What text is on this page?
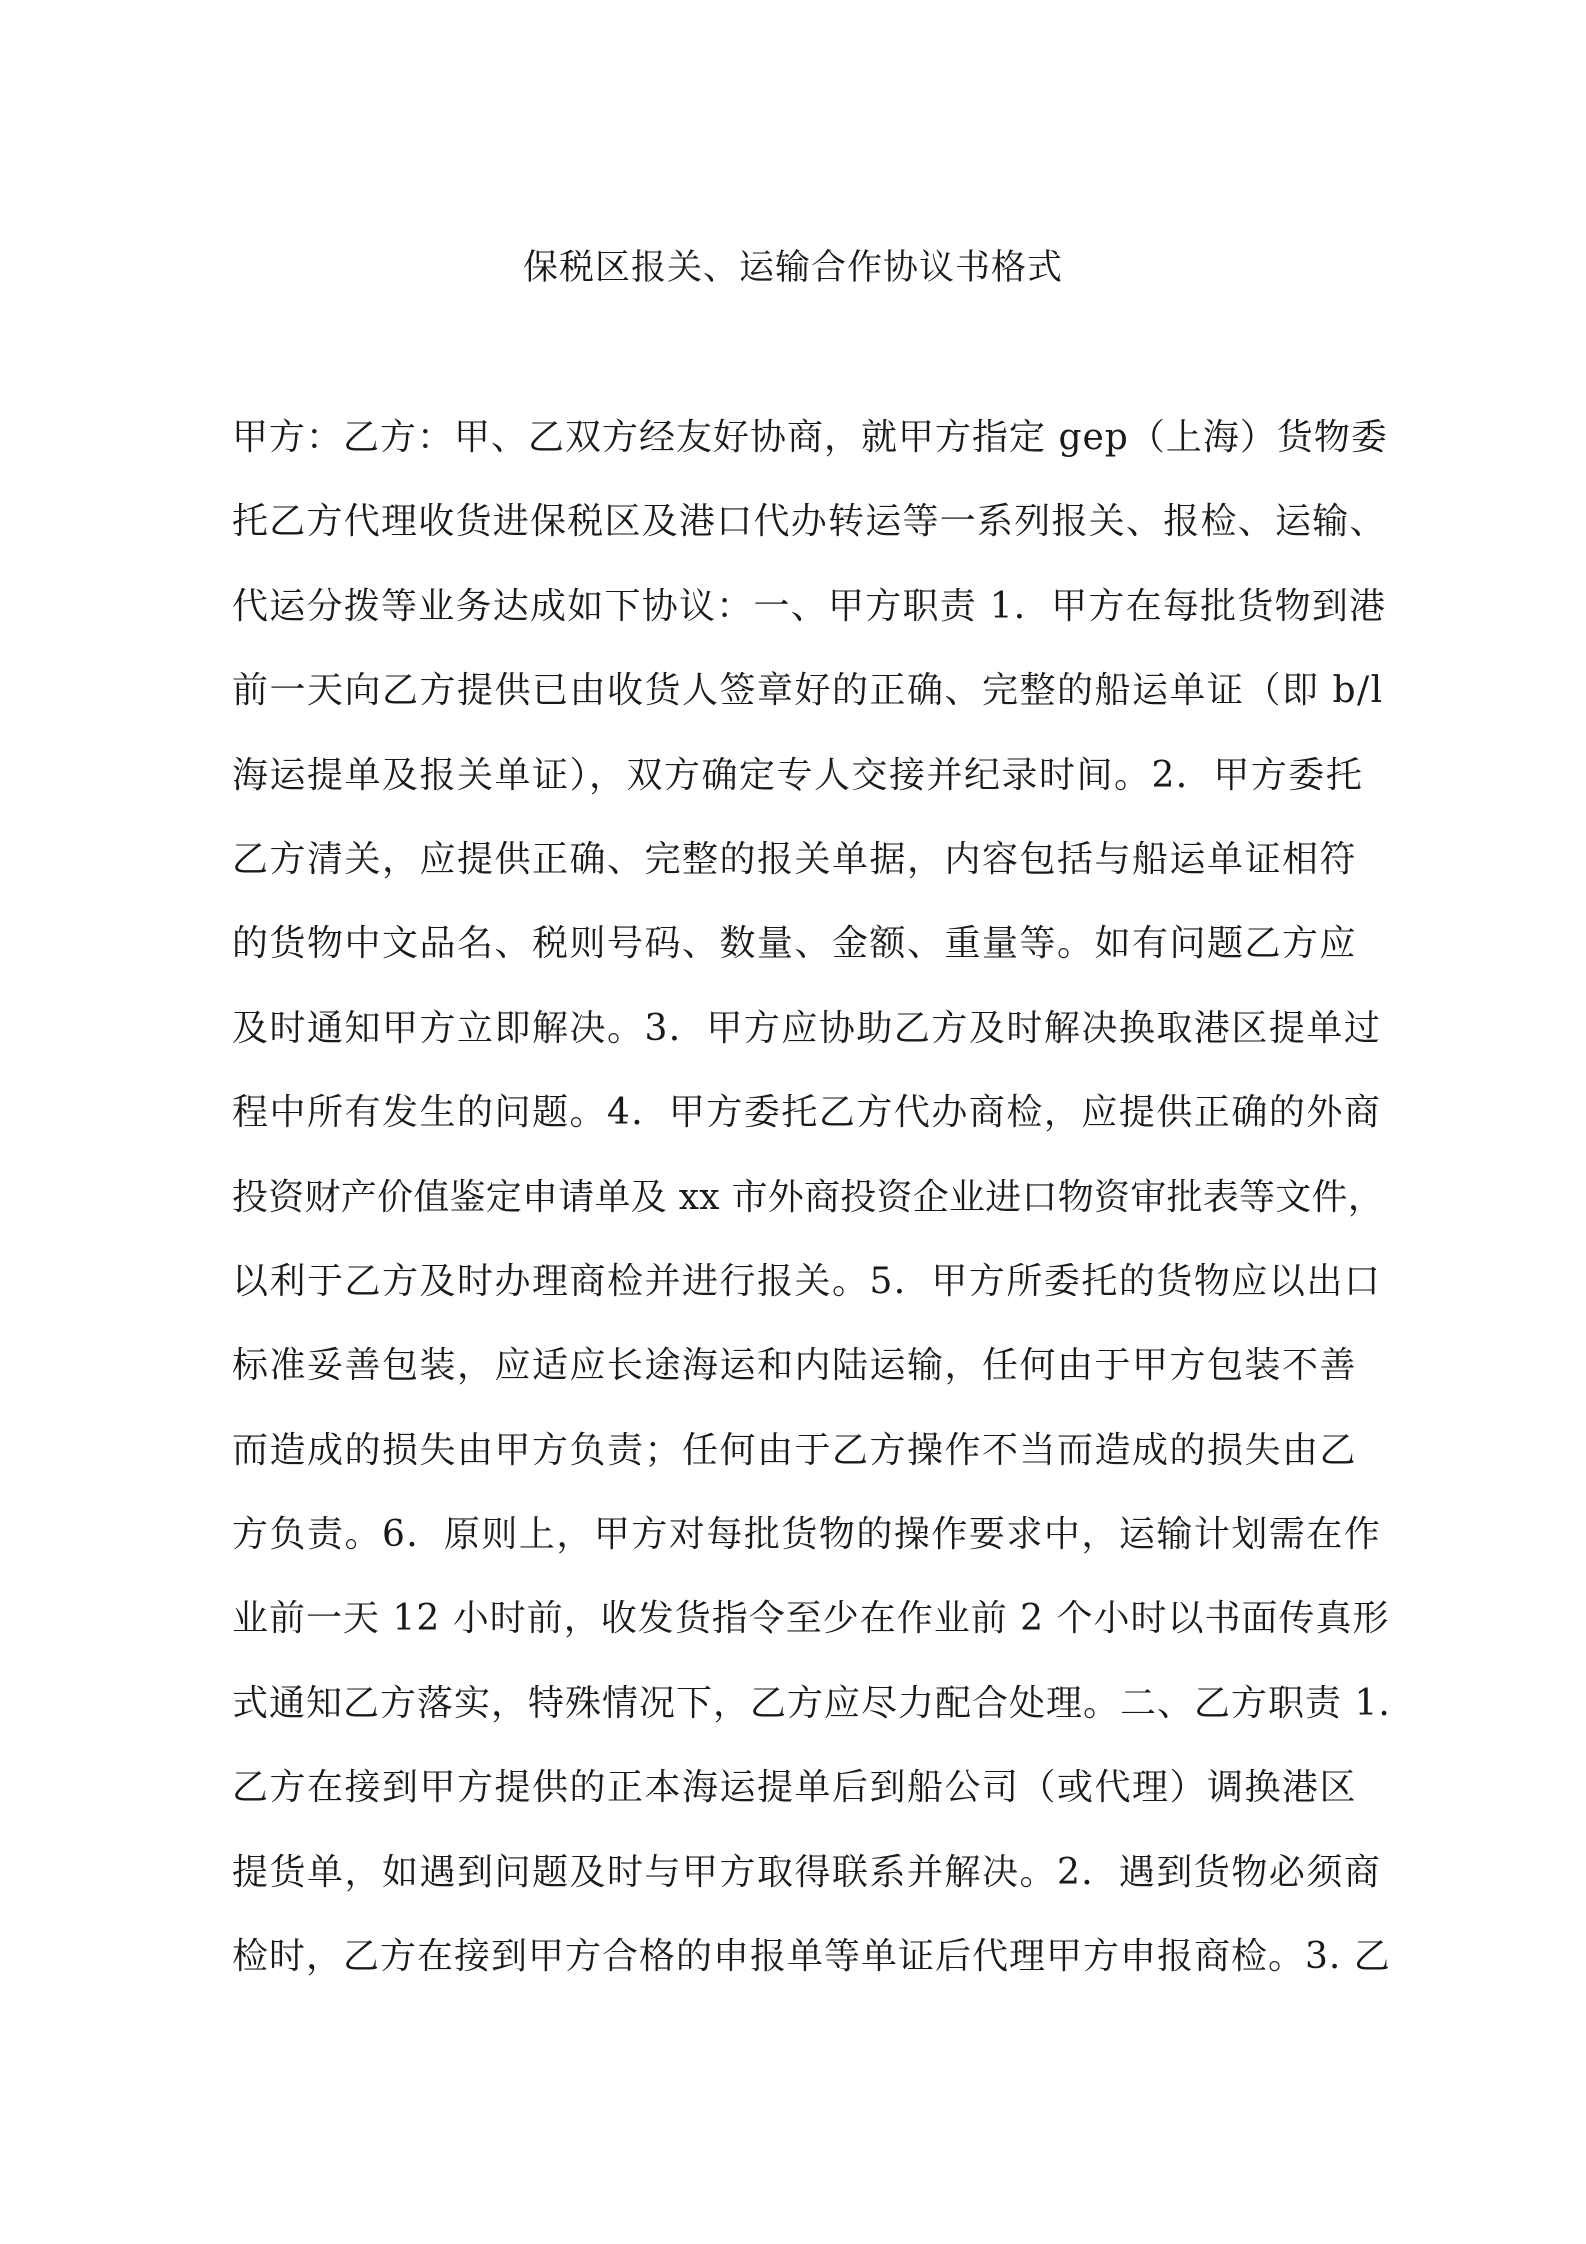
保税区报关、运输合作协议书格式
甲方：乙方：甲、乙双方经友好协商，就甲方指定 gep（上海）货物委
托乙方代理收货进保税区及港口代办转运等一系列报关、报检、运输、
代运分拨等业务达成如下协议：一、甲方职责 1．甲方在每批货物到港
前一天向乙方提供已由收货人签章好的正确、完整的船运单证（即 b/l
海运提单及报关单证），双方确定专人交接并纪录时间。2．甲方委托
乙方清关，应提供正确、完整的报关单据，内容包括与船运单证相符
的货物中文品名、税则号码、数量、金额、重量等。如有问题乙方应
及时通知甲方立即解决。3．甲方应协助乙方及时解决换取港区提单过
程中所有发生的问题。4．甲方委托乙方代办商检，应提供正确的外商
投资财产价值鉴定申请单及 xx 市外商投资企业进口物资审批表等文件，
以利于乙方及时办理商检并进行报关。5．甲方所委托的货物应以出口
标准妥善包装，应适应长途海运和内陆运输，任何由于甲方包装不善
而造成的损失由甲方负责；任何由于乙方操作不当而造成的损失由乙
方负责。6．原则上，甲方对每批货物的操作要求中，运输计划需在作
业前一天 12 小时前，收发货指令至少在作业前 2 个小时以书面传真形
式通知乙方落实，特殊情况下，乙方应尽力配合处理。二、乙方职责 1.
乙方在接到甲方提供的正本海运提单后到船公司（或代理）调换港区
提货单，如遇到问题及时与甲方取得联系并解决。2．遇到货物必须商
检时，乙方在接到甲方合格的申报单等单证后代理甲方申报商检。3. 乙
